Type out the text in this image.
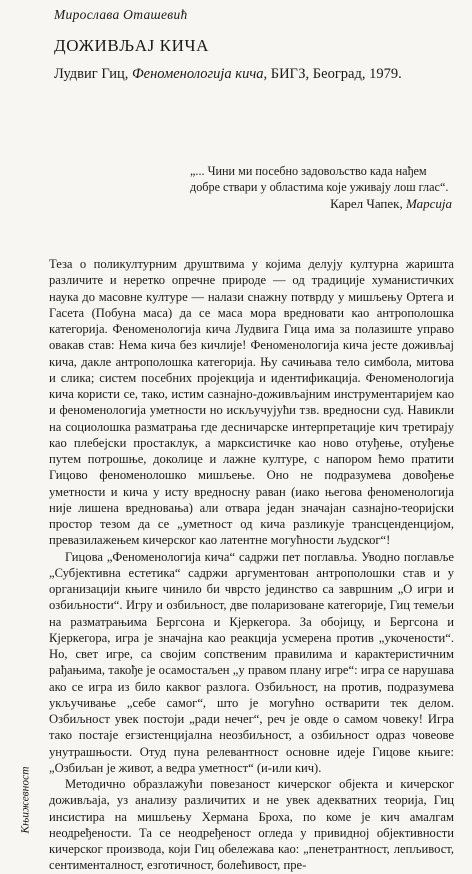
Мирослава Оташевић
ДОЖИВЉАЈ КИЧА
Лудвиг Гиц, Феноменологија кича, БИГЗ, Београд, 1979.
„... Чини ми посебно задовољство када нађем добре ствари у областима које уживају лош глас“.
Карел Чапек, Марсија

Теза о поликултурним друштвима у којима делују културна жаришта различите и неретко опречне природе — од традиције хуманистичких наука до масовне културе — налази снажну потврду у мишљењу Ортега и Гасета (Побуна маса) да се маса мора вредновати као антрополошка категорија. Феноменологија кича Лудвига Гица има за полазиште управо овакав став: Нема кича без кичлије! Феноменологија кича јесте доживљај кича, дакле антрополошка категорија. Њу сачињава тело симбола, митова и слика; систем посебних пројекција и идентификација. Феноменологија кича користи се, тако, истим сазнајно-доживљајним инструментаријем као и феноменологија уметности но искључујући тзв. вредносни суд. Навикли на социолошка разматрања где десничарске интерпретације кич третирају као плебејски простаклук, а марксистичке као ново отуђење, отуђење путем потрошње, доколице и лажне културе, с напором ћемо пратити Гицово феноменолошко мишљење. Оно не подразумева довођење уметности и кича у исту вредносну раван (иако његова феноменологија није лишена вредновања) али отвара један значајан сазнајно-теоријски простор тезом да се „уметност од кича разликује трансценденцијом, превазилажењем кичерског као латентне могућности људског“!

Гицова „Феноменологија кича“ садржи пет поглавља. Уводно поглавље „Субјективна естетика“ садржи аргументован антрополошки став и у организацији књиге чинило би чврсто јединство са завршним „О игри и озбиљности“. Игру и озбиљност, две поларизоване категорије, Гиц темељи на разматрањима Бергсона и Кјеркегора. За обојицу, и Бергсона и Кјеркегора, игра је значајна као реакција усмерена против „укочености“. Но, свет игре, са својим сопственим правилима и карактеристичним рађањима, такође је осамостаљен „у правом плану игре“: игра се нарушава ако се игра из било каквог разлога. Озбиљност, на против, подразумева укључивање „себе самог“, што је могућно остварити тек делом. Озбиљност увек постоји „ради нечег“, реч је овде о самом човеку! Игра тако постаје егзистенцијална неозбиљност, а озбиљност одраз човеове унутрашњости. Отуд пуна релевантност основне идеје Гицове књиге: „Озбиљан је живот, а ведра уметност“ (и-или кич).

Методично образлажући повезаност кичерског објекта и кичерског доживљаја, уз анализу различитих и не увек адекватних теорија, Гиц инсистира на мишљењу Хермана Броха, по коме је кич амалгам неодређености. Та се неодређеност огледа у привидној објективности кичерског производа, који Гиц обележава као: „пенетрантност, лепљивост, сентименталност, езготичност, болећивост, пре-

Књижевност
